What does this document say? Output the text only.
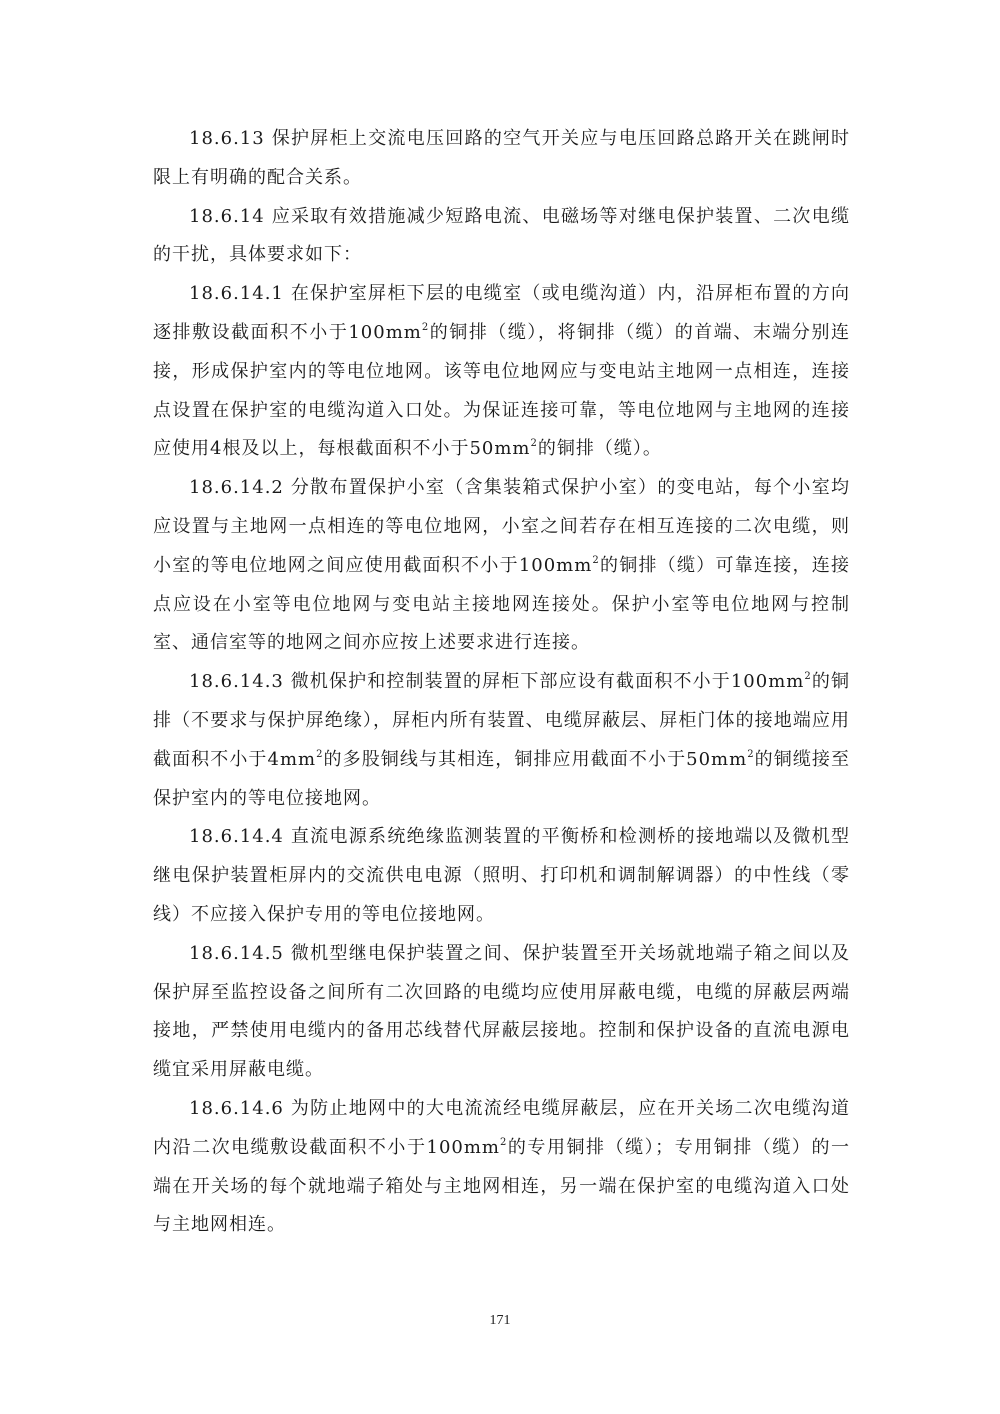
18.6.13 保护屏柜上交流电压回路的空气开关应与电压回路总路开关在跳闸时限上有明确的配合关系。

18.6.14 应采取有效措施减少短路电流、电磁场等对继电保护装置、二次电缆的干扰，具体要求如下：

18.6.14.1 在保护室屏柜下层的电缆室（或电缆沟道）内，沿屏柜布置的方向逐排敷设截面积不小于$100mm^2$的铜排（缆），将铜排（缆）的首端、末端分别连接，形成保护室内的等电位地网。该等电位地网应与变电站主地网一点相连，连接点设置在保护室的电缆沟道入口处。为保证连接可靠，等电位地网与主地网的连接应使用4根及以上，每根截面积不小于$50mm^2$的铜排（缆）。

18.6.14.2 分散布置保护小室（含集装箱式保护小室）的变电站，每个小室均应设置与主地网一点相连的等电位地网，小室之间若存在相互连接的二次电缆，则小室的等电位地网之间应使用截面积不小于$100mm^2$的铜排（缆）可靠连接，连接点应设在小室等电位地网与变电站主接地网连接处。保护小室等电位地网与控制室、通信室等的地网之间亦应按上述要求进行连接。

18.6.14.3 微机保护和控制装置的屏柜下部应设有截面积不小于$100mm^2$的铜排（不要求与保护屏绝缘），屏柜内所有装置、电缆屏蔽层、屏柜门体的接地端应用截面积不小于$4mm^2$的多股铜线与其相连，铜排应用截面不小于$50mm^2$的铜缆接至保护室内的等电位接地网。

18.6.14.4 直流电源系统绝缘监测装置的平衡桥和检测桥的接地端以及微机型继电保护装置柜屏内的交流供电电源（照明、打印机和调制解调器）的中性线（零线）不应接入保护专用的等电位接地网。

18.6.14.5 微机型继电保护装置之间、保护装置至开关场就地端子箱之间以及保护屏至监控设备之间所有二次回路的电缆均应使用屏蔽电缆，电缆的屏蔽层两端接地，严禁使用电缆内的备用芯线替代屏蔽层接地。控制和保护设备的直流电源电缆宜采用屏蔽电缆。

18.6.14.6 为防止地网中的大电流流经电缆屏蔽层，应在开关场二次电缆沟道内沿二次电缆敷设截面积不小于$100mm^2$的专用铜排（缆）；专用铜排（缆）的一端在开关场的每个就地端子箱处与主地网相连，另一端在保护室的电缆沟道入口处与主地网相连。

171
